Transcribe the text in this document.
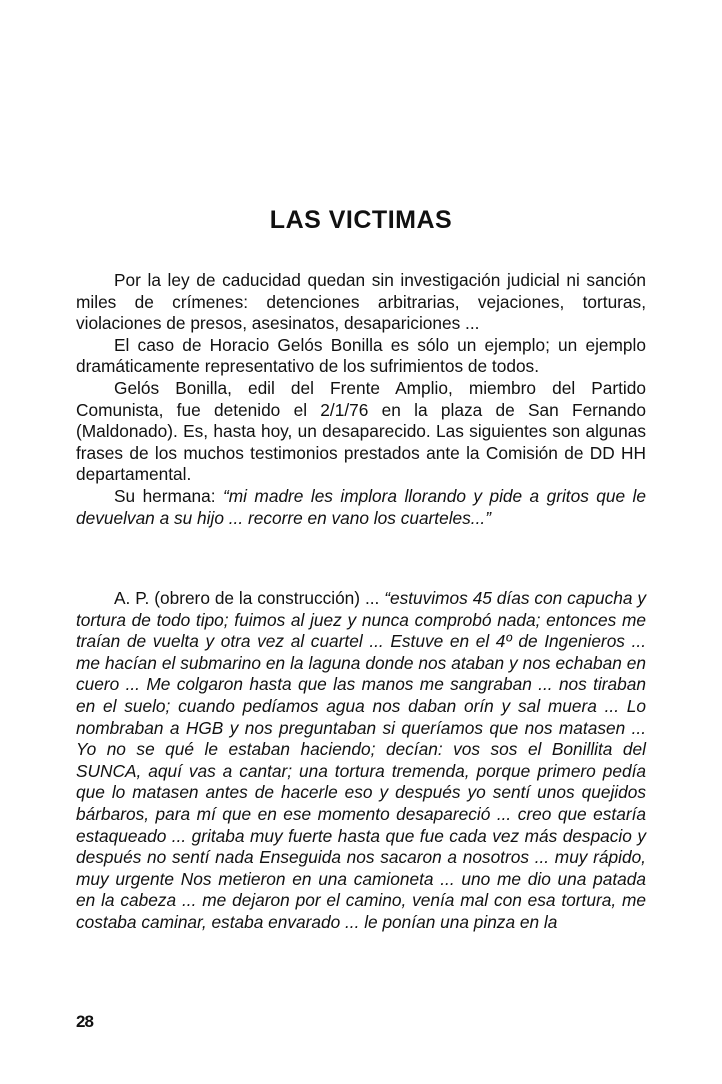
LAS VICTIMAS

Por la ley de caducidad quedan sin investigación judicial ni sanción miles de crímenes: detenciones arbitrarias, vejaciones, torturas, violaciones de presos, asesinatos, desapariciones ...

El caso de Horacio Gelós Bonilla es sólo un ejemplo; un ejemplo dramáticamente representativo de los sufrimientos de todos.

Gelós Bonilla, edil del Frente Amplio, miembro del Partido Comunista, fue detenido el 2/1/76 en la plaza de San Fernando (Maldonado). Es, hasta hoy, un desaparecido. Las siguientes son algunas frases de los muchos testimonios prestados ante la Comisión de DD HH departamental.

Su hermana: “mi madre les implora llorando y pide a gritos que le devuelvan a su hijo ... recorre en vano los cuarteles...”

A. P. (obrero de la construcción) ... “estuvimos 45 días con capucha y tortura de todo tipo; fuimos al juez y nunca comprobó nada; entonces me traían de vuelta y otra vez al cuartel ... Estuve en el 4º de Ingenieros ... me hacían el submarino en la laguna donde nos ataban y nos echaban en cuero ... Me colgaron hasta que las manos me sangraban ... nos tiraban en el suelo; cuando pedíamos agua nos daban orín y sal muera ... Lo nombraban a HGB y nos preguntaban si queríamos que nos matasen ... Yo no se qué le estaban haciendo; decían: vos sos el Bonillita del SUNCA, aquí vas a cantar; una tortura tremenda, porque primero pedía que lo matasen antes de hacerle eso y después yo sentí unos quejidos bárbaros, para mí que en ese momento desapareció ... creo que estaría estaqueado ... gritaba muy fuerte hasta que fue cada vez más despacio y después no sentí nada Enseguida nos sacaron a nosotros ... muy rápido, muy urgente Nos metieron en una camioneta ... uno me dio una patada en la cabeza ... me dejaron por el camino, venía mal con esa tortura, me costaba caminar, estaba envarado ... le ponían una pinza en la

28
